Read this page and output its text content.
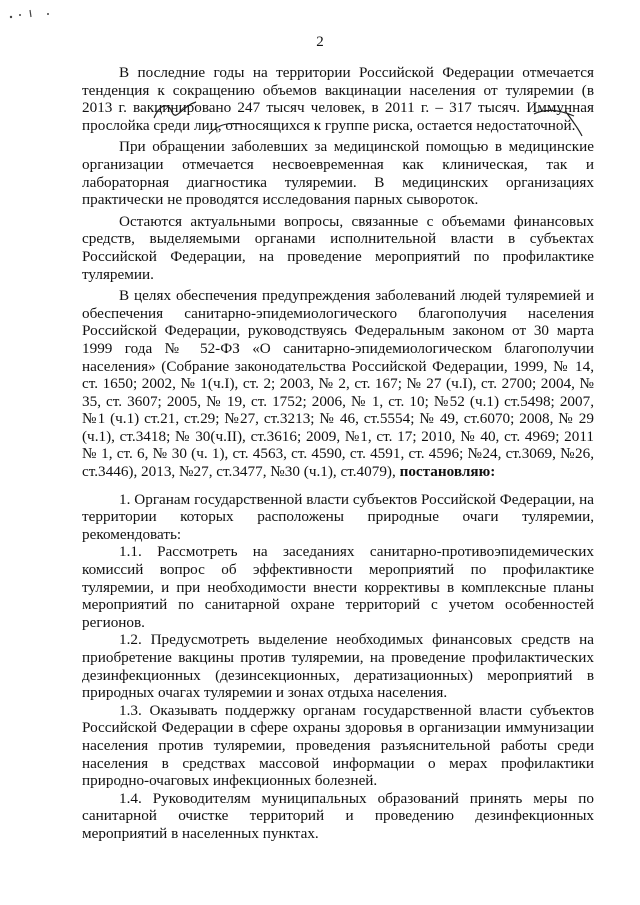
2

В последние годы на территории Российской Федерации отмечается тенденция к сокращению объемов вакцинации населения от туляремии (в 2013 г. вакцинировано 247 тысяч человек, в 2011 г. – 317 тысяч. Иммунная прослойка среди лиц, относящихся к группе риска, остается недостаточной.

При обращении заболевших за медицинской помощью в медицинские организации отмечается несвоевременная как клиническая, так и лабораторная диагностика туляремии. В медицинских организациях практически не проводятся исследования парных сывороток.

Остаются актуальными вопросы, связанные с объемами финансовых средств, выделяемыми органами исполнительной власти в субъектах Российской Федерации, на проведение мероприятий по профилактике туляремии.

В целях обеспечения предупреждения заболеваний людей туляремией и обеспечения санитарно-эпидемиологического благополучия населения Российской Федерации, руководствуясь Федеральным законом от 30 марта 1999 года № 52-ФЗ «О санитарно-эпидемиологическом благополучии населения» (Собрание законодательства Российской Федерации, 1999, № 14, ст. 1650; 2002, № 1(ч.I), ст. 2; 2003, № 2, ст. 167; № 27 (ч.I), ст. 2700; 2004, № 35, ст. 3607; 2005, № 19, ст. 1752; 2006, № 1, ст. 10; №52 (ч.1) ст.5498; 2007, №1 (ч.1) ст.21, ст.29; №27, ст.3213; № 46, ст.5554; № 49, ст.6070; 2008, № 29 (ч.1), ст.3418; № 30(ч.II), ст.3616; 2009, №1, ст. 17; 2010, № 40, ст. 4969; 2011 № 1, ст. 6, № 30 (ч. 1), ст. 4563, ст. 4590, ст. 4591, ст. 4596; №24, ст.3069, №26, ст.3446), 2013, №27, ст.3477, №30 (ч.1), ст.4079), постановляю:

1. Органам государственной власти субъектов Российской Федерации, на территории которых расположены природные очаги туляремии, рекомендовать:

1.1. Рассмотреть на заседаниях санитарно-противоэпидемических комиссий вопрос об эффективности мероприятий по профилактике туляремии, и при необходимости внести коррективы в комплексные планы мероприятий по санитарной охране территорий с учетом особенностей регионов.

1.2. Предусмотреть выделение необходимых финансовых средств на приобретение вакцины против туляремии, на проведение профилактических дезинфекционных (дезинсекционных, дератизационных) мероприятий в природных очагах туляремии и зонах отдыха населения.

1.3. Оказывать поддержку органам государственной власти субъектов Российской Федерации в сфере охраны здоровья в организации иммунизации населения против туляремии, проведения разъяснительной работы среди населения в средствах массовой информации о мерах профилактики природно-очаговых инфекционных болезней.

1.4. Руководителям муниципальных образований принять меры по санитарной очистке территорий и проведению дезинфекционных мероприятий в населенных пунктах.
